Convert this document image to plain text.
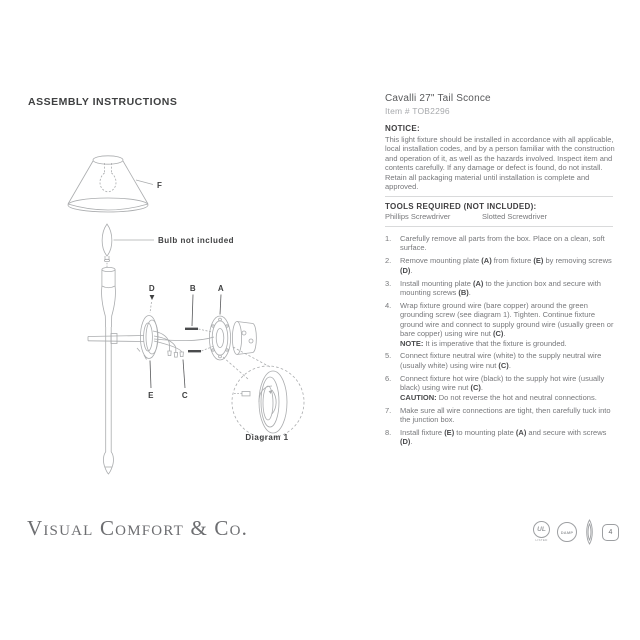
ASSEMBLY INSTRUCTIONS
F
Bulb not included
Diagram 1
D	B	A
E	C
Cavalli 27" Tail Sconce
Item # TOB2296
NOTICE:
This light fixture should be installed in accordance with all applicable, local installation codes, and by a person familiar with the construction and operation of it, as well as the hazards involved. Inspect item and contents carefully. If any damage or defect is found, do not install. Retain all packaging material until installation is complete and approved.
TOOLS REQUIRED (NOT INCLUDED):
Phillips Screwdriver	Slotted Screwdriver
1.	Carefully remove all parts from the box. Place on a clean, soft surface.
2.	Remove mounting plate (A) from fixture (E) by removing screws (D).
3.	Install mounting plate (A) to the junction box and secure with mounting screws (B).
4.	Wrap fixture ground wire (bare copper) around the green grounding screw (see diagram 1). Tighten. Continue fixture ground wire and connect to supply ground wire (usually green or bare copper) using wire nut (C).
NOTE: It is imperative that the fixture is grounded.
5.	Connect fixture neutral wire (white) to the supply neutral wire (usually white) using wire nut (C).
6.	Connect fixture hot wire (black) to the supply hot wire (usually black) using wire nut (C).
CAUTION: Do not reverse the hot and neutral connections.
7.	Make sure all wire connections are tight, then carefully tuck into the junction box.
8.	Install fixture (E) to mounting plate (A) and secure with screws (D).
Visual Comfort & Co.	UL
LISTED
DAMP	4
